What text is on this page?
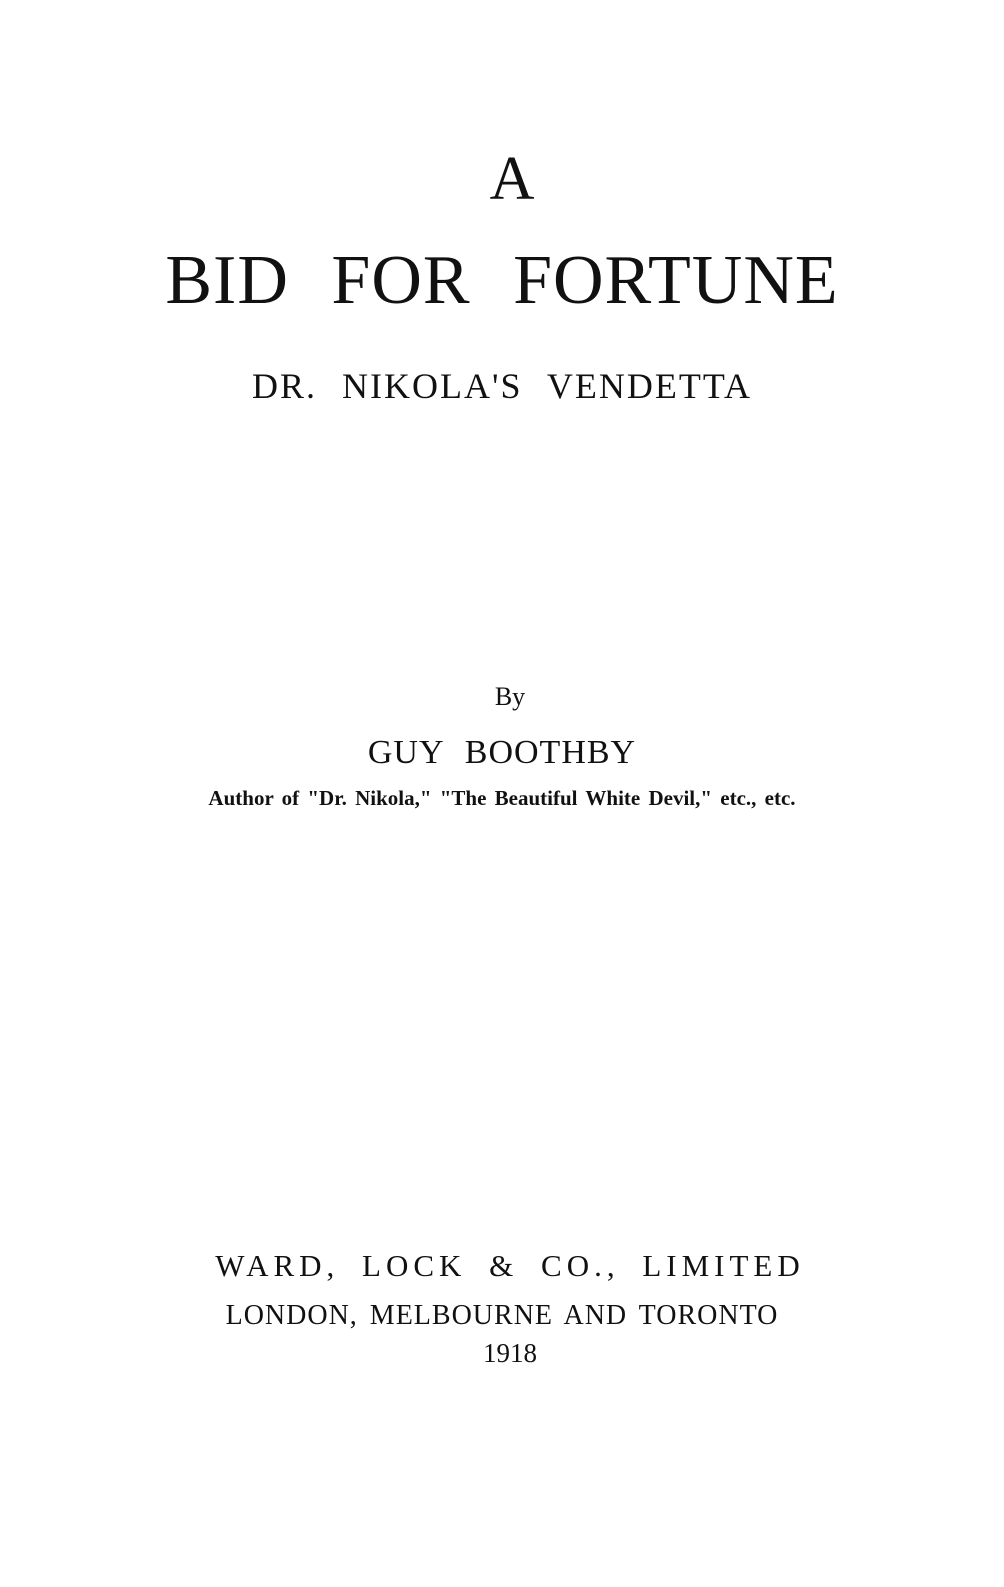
A
BID FOR FORTUNE
DR. NIKOLA'S VENDETTA
By
GUY BOOTHBY
Author of "Dr. Nikola," "The Beautiful White Devil," etc., etc.
WARD, LOCK & CO., LIMITED
LONDON, MELBOURNE AND TORONTO
1918
